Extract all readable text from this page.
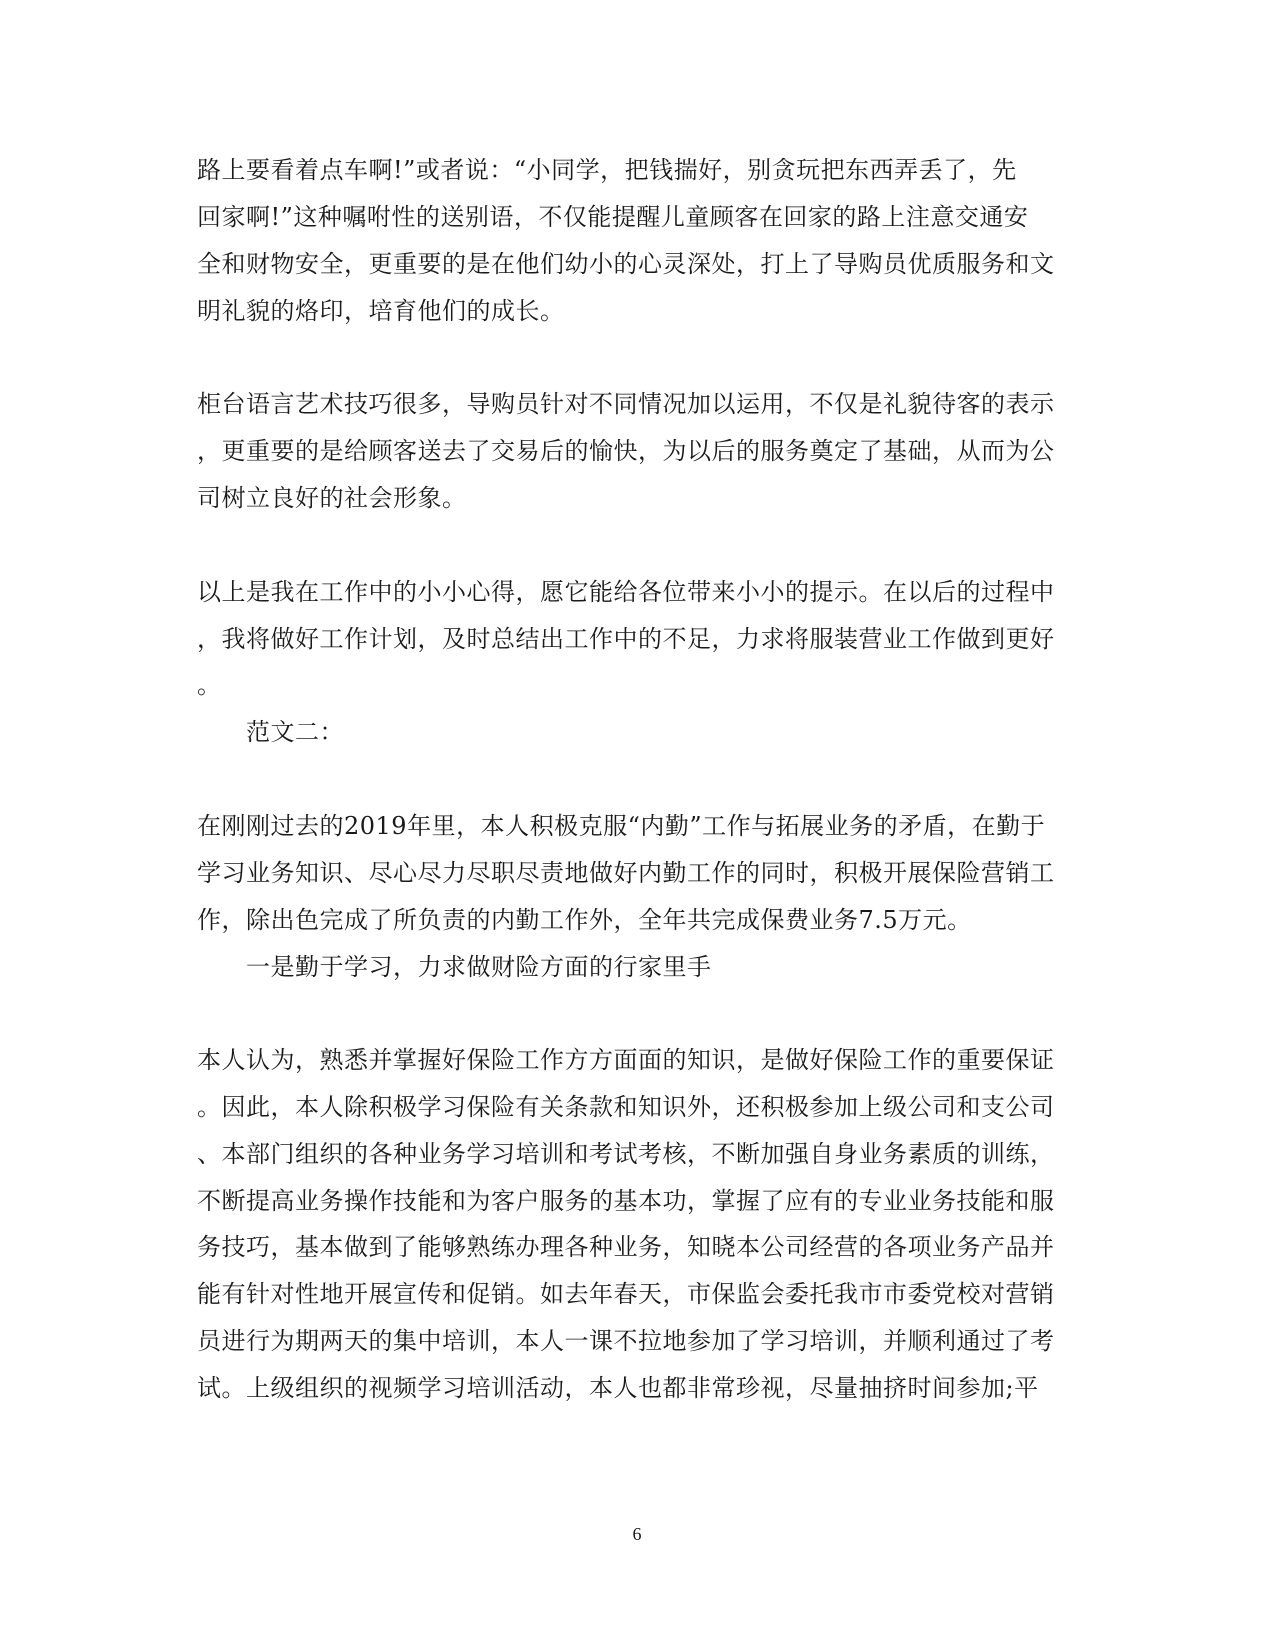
路上要看着点车啊!”或者说：“小同学，把钱揣好，别贪玩把东西弄丢了，先
回家啊!”这种嘱咐性的送别语，不仅能提醒儿童顾客在回家的路上注意交通安
全和财物安全，更重要的是在他们幼小的心灵深处，打上了导购员优质服务和文
明礼貌的烙印，培育他们的成长。
柜台语言艺术技巧很多，导购员针对不同情况加以运用，不仅是礼貌待客的表示
，更重要的是给顾客送去了交易后的愉快，为以后的服务奠定了基础，从而为公
司树立良好的社会形象。
以上是我在工作中的小小心得，愿它能给各位带来小小的提示。在以后的过程中
，我将做好工作计划，及时总结出工作中的不足，力求将服装营业工作做到更好
。
范文二：
在刚刚过去的2019年里，本人积极克服“内勤”工作与拓展业务的矛盾，在勤于
学习业务知识、尽心尽力尽职尽责地做好内勤工作的同时，积极开展保险营销工
作，除出色完成了所负责的内勤工作外，全年共完成保费业务7.5万元。
一是勤于学习，力求做财险方面的行家里手
本人认为，熟悉并掌握好保险工作方方面面的知识，是做好保险工作的重要保证
。因此，本人除积极学习保险有关条款和知识外，还积极参加上级公司和支公司
、本部门组织的各种业务学习培训和考试考核，不断加强自身业务素质的训练，
不断提高业务操作技能和为客户服务的基本功，掌握了应有的专业业务技能和服
务技巧，基本做到了能够熟练办理各种业务，知晓本公司经营的各项业务产品并
能有针对性地开展宣传和促销。如去年春天，市保监会委托我市市委党校对营销
员进行为期两天的集中培训，本人一课不拉地参加了学习培训，并顺利通过了考
试。上级组织的视频学习培训活动，本人也都非常珍视，尽量抽挤时间参加;平
6
